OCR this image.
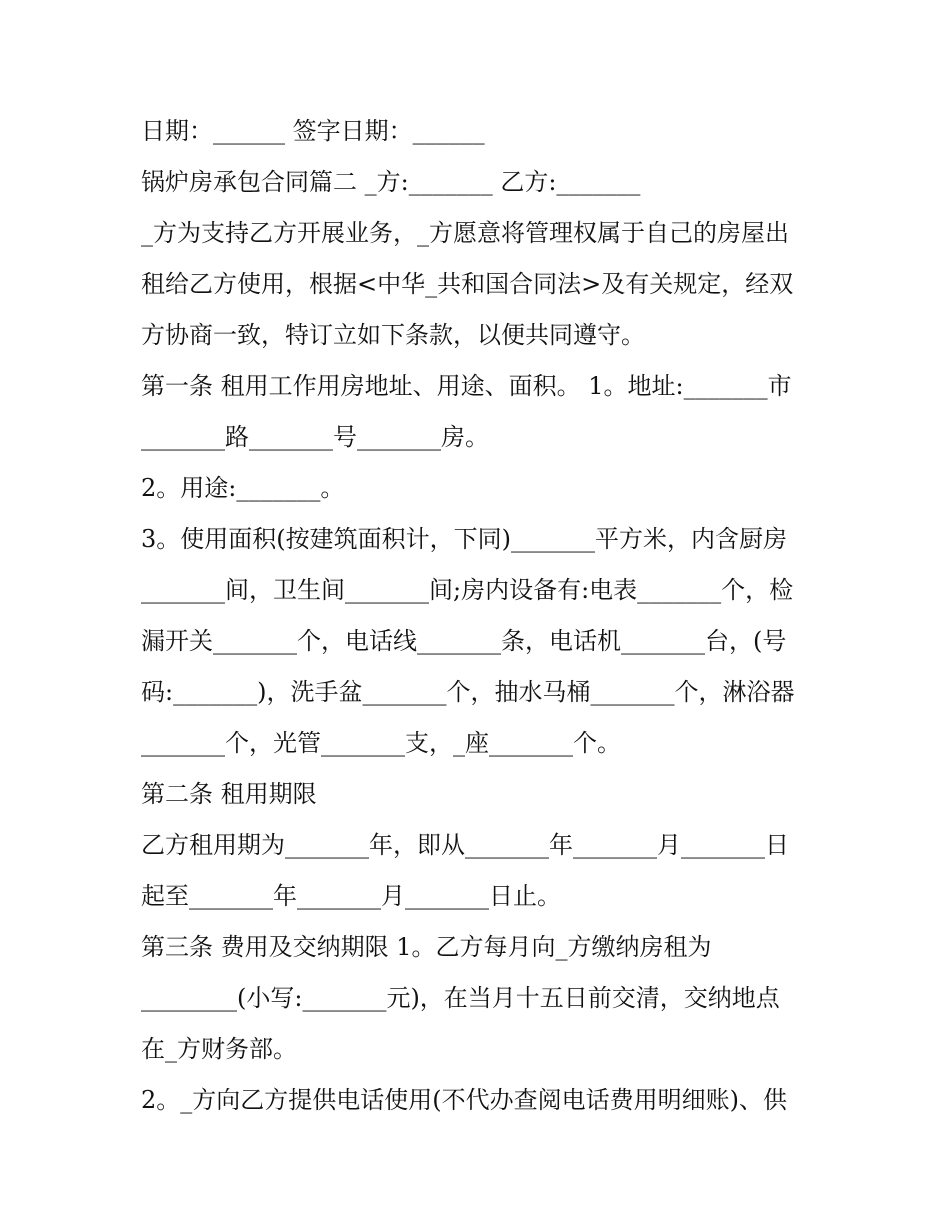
日期：______ 签字日期：______
锅炉房承包合同篇二 _方:_______ 乙方:_______
_方为支持乙方开展业务，_方愿意将管理权属于自己的房屋出
租给乙方使用，根据<中华_共和国合同法>及有关规定，经双
方协商一致，特订立如下条款，以便共同遵守。
第一条 租用工作用房地址、用途、面积。 1。地址:_______市
_______路_______号_______房。
2。用途:_______。
3。使用面积(按建筑面积计，下同)_______平方米，内含厨房
_______间，卫生间_______间;房内设备有:电表_______个，检
漏开关_______个，电话线_______条，电话机_______台，(号
码:_______)，洗手盆_______个，抽水马桶_______个，淋浴器
_______个，光管_______支，_座_______个。
第二条 租用期限
乙方租用期为_______年，即从_______年_______月_______日
起至_______年_______月_______日止。
第三条 费用及交纳期限 1。乙方每月向_方缴纳房租为
________(小写:_______元)，在当月十五日前交清，交纳地点
在_方财务部。
2。_方向乙方提供电话使用(不代办查阅电话费用明细账)、供
